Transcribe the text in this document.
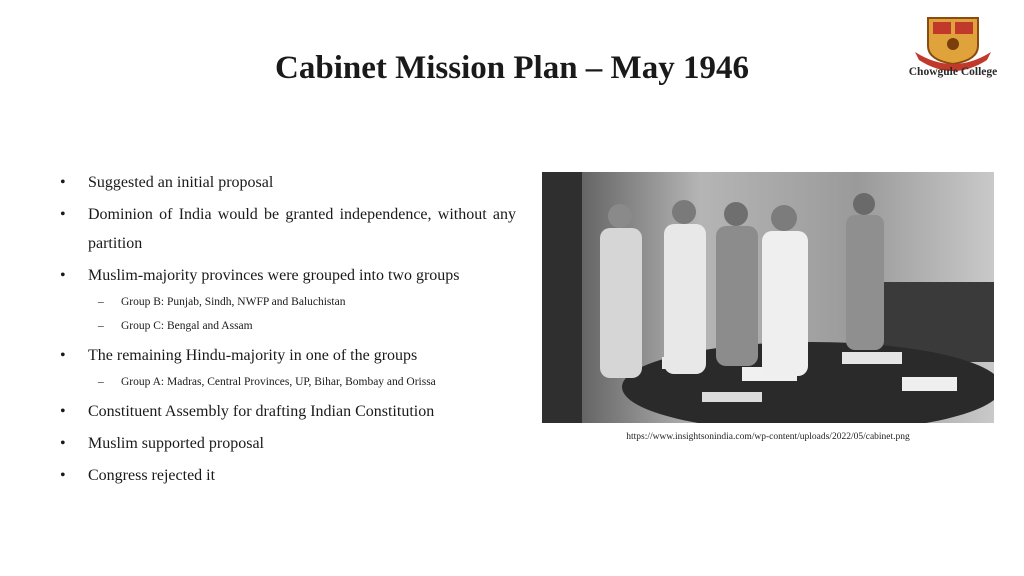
Cabinet Mission Plan – May 1946	Chowgule College
• Suggested an initial proposal
• Dominion of India would be granted independence, without any partition
• Muslim-majority provinces were grouped into two groups
– Group B: Punjab, Sindh, NWFP and Baluchistan
– Group C: Bengal and Assam
• The remaining Hindu-majority in one of the groups
– Group A: Madras, Central Provinces, UP, Bihar, Bombay and Orissa
• Constituent Assembly for drafting Indian Constitution
• Muslim supported proposal
• Congress rejected it
https://www.insightsonindia.com/wp-content/uploads/2022/05/cabinet.png
